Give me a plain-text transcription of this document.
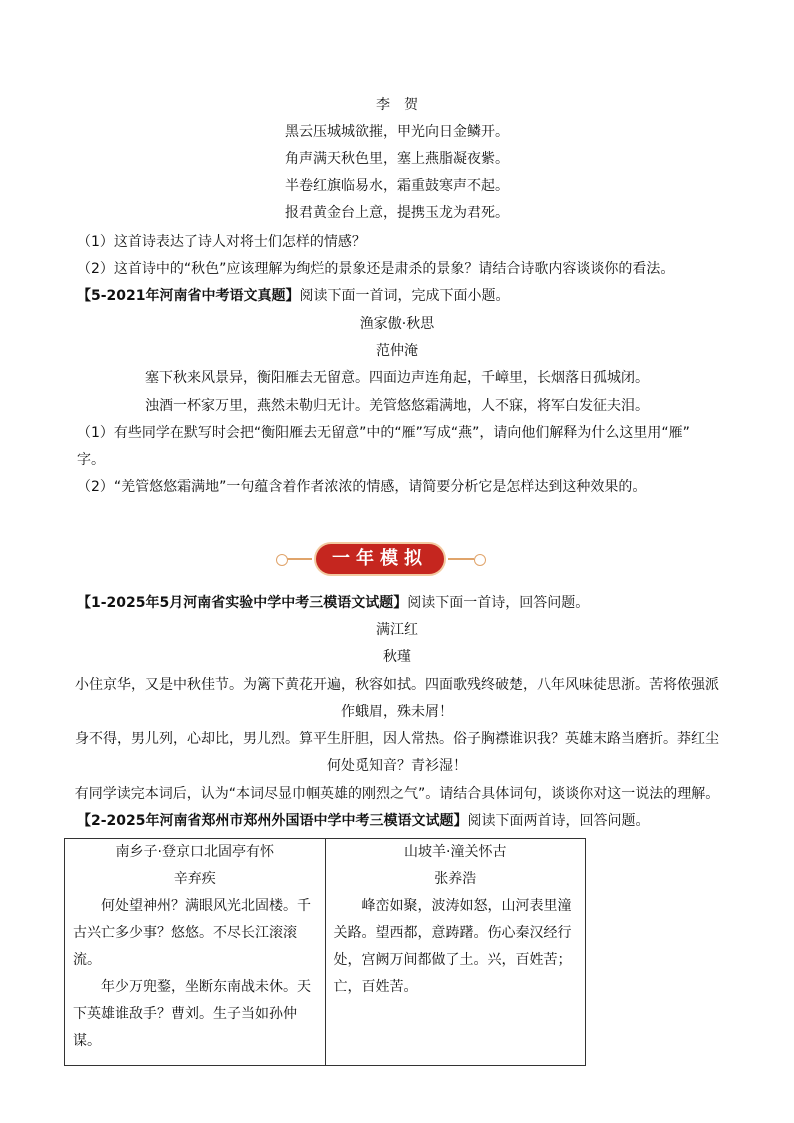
李　贺
黑云压城城欲摧，甲光向日金鳞开。
角声满天秋色里，塞上燕脂凝夜紫。
半卷红旗临易水，霜重鼓寒声不起。
报君黄金台上意，提携玉龙为君死。
（1）这首诗表达了诗人对将士们怎样的情感？
（2）这首诗中的“秋色”应该理解为绚烂的景象还是肃杀的景象？请结合诗歌内容谈谈你的看法。
【5-2021年河南省中考语文真题】阅读下面一首词，完成下面小题。
渔家傲·秋思
范仲淹
塞下秋来风景异，衡阳雁去无留意。四面边声连角起，千嶂里，长烟落日孤城闭。
浊酒一杯家万里，燕然未勒归无计。羌管悠悠霜满地，人不寐，将军白发征夫泪。
（1）有些同学在默写时会把“衡阳雁去无留意”中的“雁”写成“燕”，请向他们解释为什么这里用“雁”
字。
（2）“羌管悠悠霜满地”一句蕴含着作者浓浓的情感，请简要分析它是怎样达到这种效果的。
一年模拟
【1-2025年5月河南省实验中学中考三模语文试题】阅读下面一首诗，回答问题。
满江红
秋瑾
小住京华，又是中秋佳节。为篱下黄花开遍，秋容如拭。四面歌残终破楚，八年风味徒思浙。苦将侬强派
作蛾眉，殊未屑！
身不得，男儿列，心却比，男儿烈。算平生肝胆，因人常热。俗子胸襟谁识我？英雄末路当磨折。莽红尘
何处觅知音？青衫湿！
有同学读完本词后，认为“本词尽显巾帼英雄的刚烈之气”。请结合具体词句，谈谈你对这一说法的理解。
【2-2025年河南省郑州市郑州外国语中学中考三模语文试题】阅读下面两首诗，回答问题。
南乡子·登京口北固亭有怀
辛弃疾
何处望神州？满眼风光北固楼。千古兴亡多少事？悠悠。不尽长江滚滚流。
年少万兜鍪，坐断东南战未休。天下英雄谁敌手？曹刘。生子当如孙仲谋。

山坡羊·潼关怀古
张养浩
峰峦如聚，波涛如怒，山河表里潼关路。望西都，意踌躇。伤心秦汉经行处，宫阙万间都做了土。兴，百姓苦；亡，百姓苦。
